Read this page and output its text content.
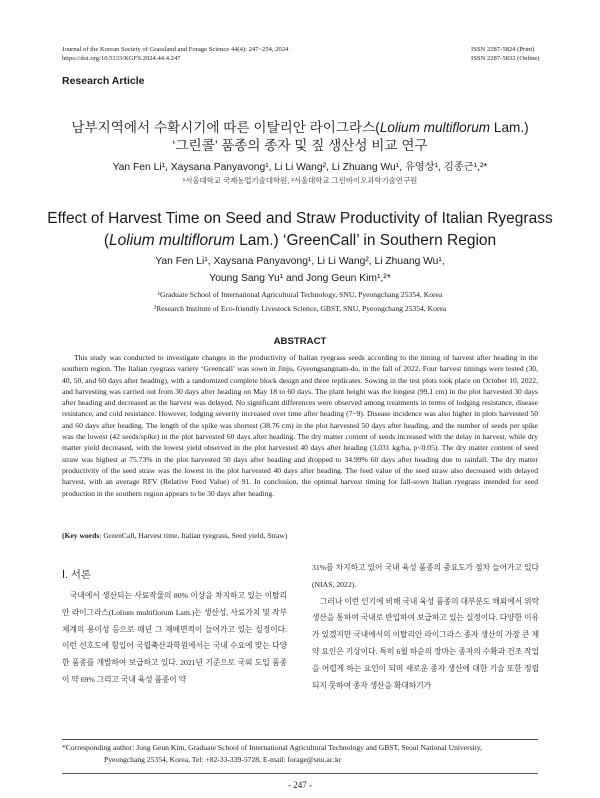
Journal of the Korean Society of Grassland and Forage Science 44(4): 247~254, 2024
https://doi.org/10.5333/KGFS.2024.44.4.247
ISSN 2287-5824 (Print)
ISSN 2287-5832 (Online)
Research Article
남부지역에서 수확시기에 따른 이탈리안 라이그라스(Lolium multiflorum Lam.)
‘그린콜’ 품종의 종자 및 짚 생산성 비교 연구
Yan Fen Li¹, Xaysana Panyavong¹, Li Li Wang², Li Zhuang Wu¹, 유영상¹, 김종근¹,²*
¹서울대학교 국제농업기술대학원, ²서울대학교 그린바이오과학기술연구원
Effect of Harvest Time on Seed and Straw Productivity of Italian Ryegrass
(Lolium multiflorum Lam.) ‘GreenCall’ in Southern Region
Yan Fen Li¹, Xaysana Panyavong¹, Li Li Wang², Li Zhuang Wu¹,
Young Sang Yu¹ and Jong Geun Kim¹,²*
¹Graduate School of International Agricultural Technology, SNU, Pyeongchang 25354, Korea
²Research Institute of Eco-friendly Livestock Science, GBST, SNU, Pyeongchang 25354, Korea
ABSTRACT

This study was conducted to investigate changes in the productivity of Italian ryegrass seeds according to the timing of harvest after heading in the southern region. The Italian ryegrass variety ‘Greencall’ was sown in Jinju, Gyeongsangnam-do, in the fall of 2022. Four harvest timings were tested (30, 40, 50, and 60 days after heading), with a randomized complete block design and three replicates. Sowing in the test plots took place on October 10, 2022, and harvesting was carried out from 30 days after heading on May 18 to 60 days. The plant height was the longest (99.1 cm) in the plot harvested 30 days after heading and decreased as the harvest was delayed. No significant differences were observed among treatments in terms of lodging resistance, disease resistance, and cold resistance. However, lodging severity increased over time after heading (7~9). Disease incidence was also higher in plots harvested 50 and 60 days after heading. The length of the spike was shortest (38.76 cm) in the plot harvested 50 days after heading, and the number of seeds per spike was the lowest (42 seeds/spike) in the plot harvested 60 days after heading. The dry matter content of seeds increased with the delay in harvest, while dry matter yield decreased, with the lowest yield observed in the plot harvested 40 days after heading (3,031 kg/ha, p<0.05). The dry matter content of seed straw was highest at 75.73% in the plot harvested 50 days after heading and dropped to 34.99% 60 days after heading due to rainfall. The dry matter productivity of the seed straw was the lowest in the plot harvested 40 days after heading. The feed value of the seed straw also decreased with delayed harvest, with an average RFV (Relative Feed Value) of 91. In conclusion, the optimal harvest timing for fall-sown Italian ryegrass intended for seed production in the southern region appears to be 30 days after heading.

(Key words: GreenCall, Harvest time, Italian ryegrass, Seed yield, Straw)
Ⅰ. 서론

국내에서 생산되는 사료작물의 80% 이상을 차지하고 있는 이탈리안 라이그라스(Lolium multiflorum Lam.)는 생산성, 사료가치 및 작부체계의 용이성 등으로 매년 그 재배면적이 늘어가고 있는 실정이다. 이런 선호도에 힘입어 국립축산과학원에서는 국내 수요에 맞는 다양한 품종를 개발하여 보급하고 있다. 2021년 기준으로 국외 도입 품종이 약 69% 그리고 국내 육성 품종이 약

31%를 차지하고 있어 국내 육성 품종의 중요도가 점차 늘어가고 있다 (NIAS, 2022).

그러나 이런 인기에 비해 국내 육성 품종의 대부분도 해외에서 위탁생산을 통하여 국내로 반입하여 보급하고 있는 실정이다. 다양한 이유가 있겠지만 국내에서의 이탈리안 라이그라스 종자 생산의 가장 큰 제약 요인은 기상이다. 특히 6월 하순의 장마는 종자의 수확과 건조 작업을 어렵게 하는 요인이 되며 새로운 종자 생산에 대한 기술 또한 정립되지 못하여 종자 생산을 확대하기가

*Corresponding author: Jong Geun Kim, Graduate School of International Agricultural Technology and GBST, Seoul National University,
Pyeongchang 25354, Korea, Tel: +82-33-339-5728, E-mail: forage@snu.ac.kr
- 247 -
